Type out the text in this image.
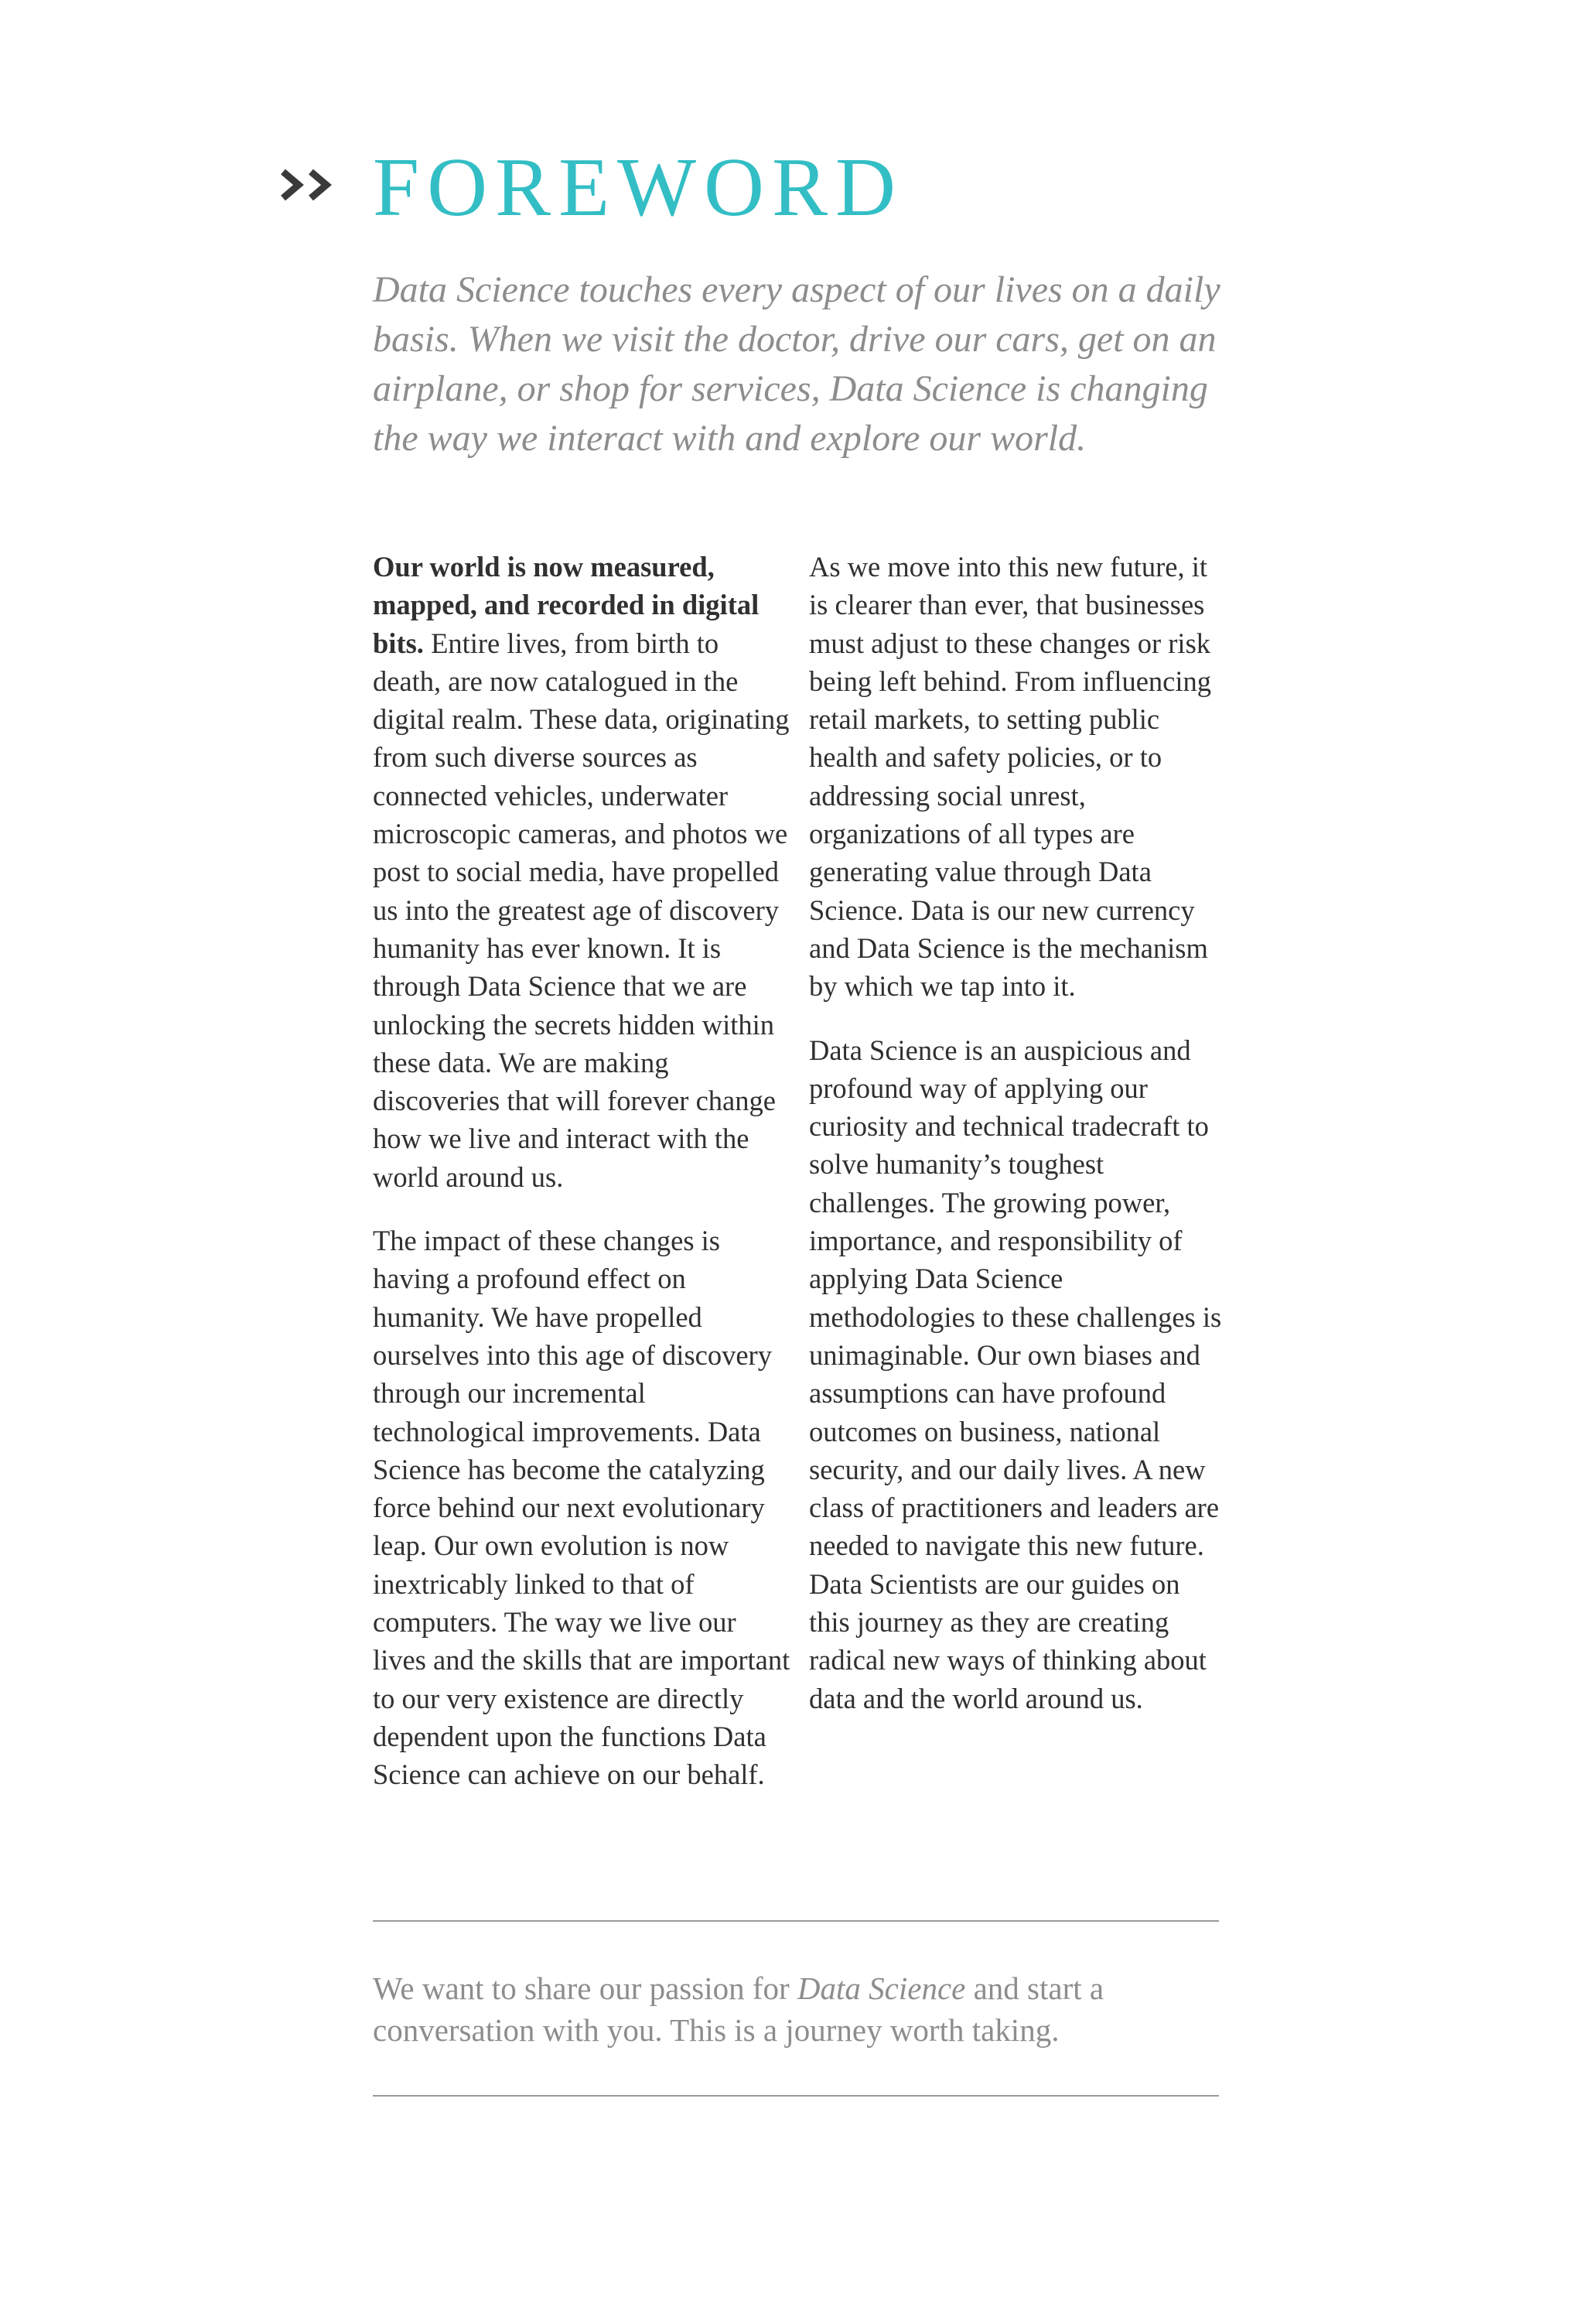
FOREWORD

Data Science touches every aspect of our lives on a daily basis. When we visit the doctor, drive our cars, get on an airplane, or shop for services, Data Science is changing the way we interact with and explore our world.

Our world is now measured, mapped, and recorded in digital bits. Entire lives, from birth to death, are now catalogued in the digital realm. These data, originating from such diverse sources as connected vehicles, underwater microscopic cameras, and photos we post to social media, have propelled us into the greatest age of discovery humanity has ever known. It is through Data Science that we are unlocking the secrets hidden within these data. We are making discoveries that will forever change how we live and interact with the world around us.

The impact of these changes is having a profound effect on humanity. We have propelled ourselves into this age of discovery through our incremental technological improvements. Data Science has become the catalyzing force behind our next evolutionary leap. Our own evolution is now inextricably linked to that of computers. The way we live our lives and the skills that are important to our very existence are directly dependent upon the functions Data Science can achieve on our behalf.

As we move into this new future, it is clearer than ever, that businesses must adjust to these changes or risk being left behind. From influencing retail markets, to setting public health and safety policies, or to addressing social unrest, organizations of all types are generating value through Data Science. Data is our new currency and Data Science is the mechanism by which we tap into it.

Data Science is an auspicious and profound way of applying our curiosity and technical tradecraft to solve humanity’s toughest challenges. The growing power, importance, and responsibility of applying Data Science methodologies to these challenges is unimaginable. Our own biases and assumptions can have profound outcomes on business, national security, and our daily lives. A new class of practitioners and leaders are needed to navigate this new future. Data Scientists are our guides on this journey as they are creating radical new ways of thinking about data and the world around us.

We want to share our passion for Data Science and start a conversation with you. This is a journey worth taking.
